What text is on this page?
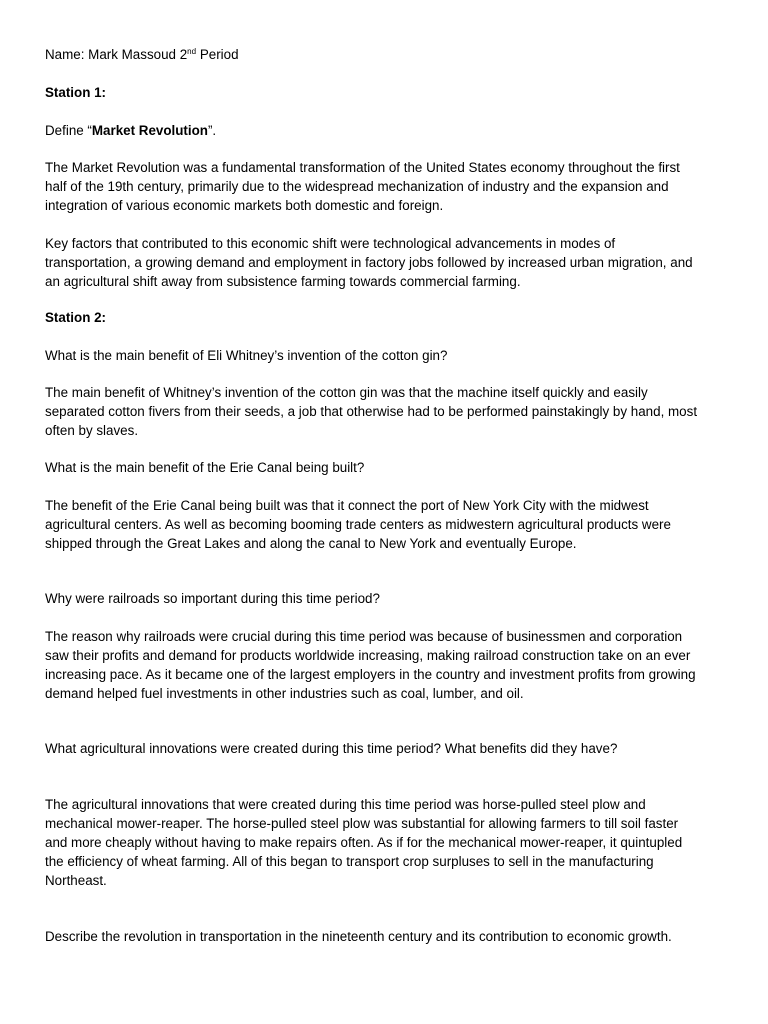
Name: Mark Massoud 2nd Period
Station 1:
Define “Market Revolution”.
The Market Revolution was a fundamental transformation of the United States economy throughout the first
half of the 19th century, primarily due to the widespread mechanization of industry and the expansion and
integration of various economic markets both domestic and foreign.
Key factors that contributed to this economic shift were technological advancements in modes of
transportation, a growing demand and employment in factory jobs followed by increased urban migration, and
an agricultural shift away from subsistence farming towards commercial farming.
Station 2:
What is the main benefit of Eli Whitney’s invention of the cotton gin?
The main benefit of Whitney’s invention of the cotton gin was that the machine itself quickly and easily
separated cotton fivers from their seeds, a job that otherwise had to be performed painstakingly by hand, most
often by slaves.
What is the main benefit of the Erie Canal being built?
The benefit of the Erie Canal being built was that it connect the port of New York City with the midwest
agricultural centers. As well as becoming booming trade centers as midwestern agricultural products were
shipped through the Great Lakes and along the canal to New York and eventually Europe.
Why were railroads so important during this time period?
The reason why railroads were crucial during this time period was because of businessmen and corporation
saw their profits and demand for products worldwide increasing, making railroad construction take on an ever
increasing pace. As it became one of the largest employers in the country and investment profits from growing
demand helped fuel investments in other industries such as coal, lumber, and oil.
What agricultural innovations were created during this time period? What benefits did they have?
The agricultural innovations that were created during this time period was horse-pulled steel plow and
mechanical mower-reaper. The horse-pulled steel plow was substantial for allowing farmers to till soil faster
and more cheaply without having to make repairs often. As if for the mechanical mower-reaper, it quintupled
the efficiency of wheat farming. All of this began to transport crop surpluses to sell in the manufacturing
Northeast.
Describe the revolution in transportation in the nineteenth century and its contribution to economic growth.
